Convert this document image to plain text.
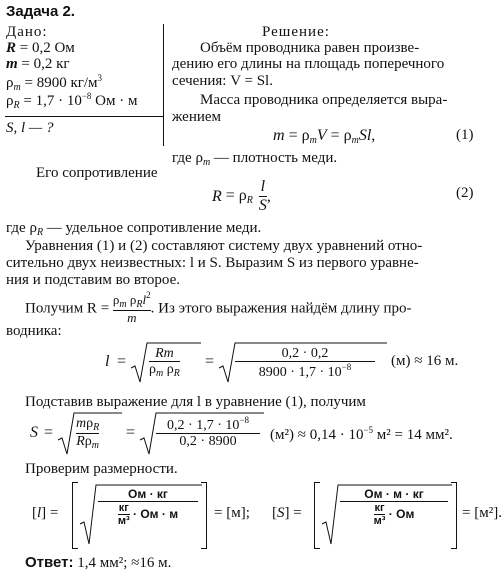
Задача 2.
Дано:
R = 0,2 Ом
m = 0,2 кг
$\rho_m = 8900$ $кг/м^3$
$\rho_R = 1,7 \cdot 10^{-8}$ Ом · м
S, l — ?
Решение:
Объём проводника равен произве-
дению его длины на площадь поперечного
сечения: V = Sl.
Масса проводника определяется выра-
жением
$m = \rho_mV = \rho_mSl$,	(1)
где $\rho_m$ — плотность меди.
Его сопротивление
$R = \rho_R \frac{l}{S}$ ,	(2)
где $\rho_R$ — удельное сопротивление меди.
Уравнения (1) и (2) составляют систему двух уравнений отно-
сительно двух неизвестных: l и S. Выразим S из первого уравне-
ния и подставим во второе.
Получим $R = \frac{\rho_m \rho_Rl^2}{m}$ . Из этого выражения найдём длину про-
водника:
$l = \frac{Rm}{\rho_m \rho_R} = \frac{0,2 \cdot 0,2}{8900 \cdot 1,7 \cdot 10^{-8}} (м) \approx 16$ м.
Подставив выражение для l в уравнение (1), получим
S =
$m\rho_R$
$R\rho_m$
= $\frac{0,2 \cdot 1,7 \cdot 10^{-8}}{0,2 \cdot 8900} (м^2) \approx 0,14 \cdot 10^{-5}$ м² = 14 мм².
Проверим размерности.
[l] =
Ом · кг
$\frac{кг}{\text{м³}}$ · Ом · м	= [м]; [S] =
Ом · м · кг
$\frac{кг}{\text{м³}}$ · Ом	= [м²].
Ответ: 1,4 мм²; ≈16 м.
